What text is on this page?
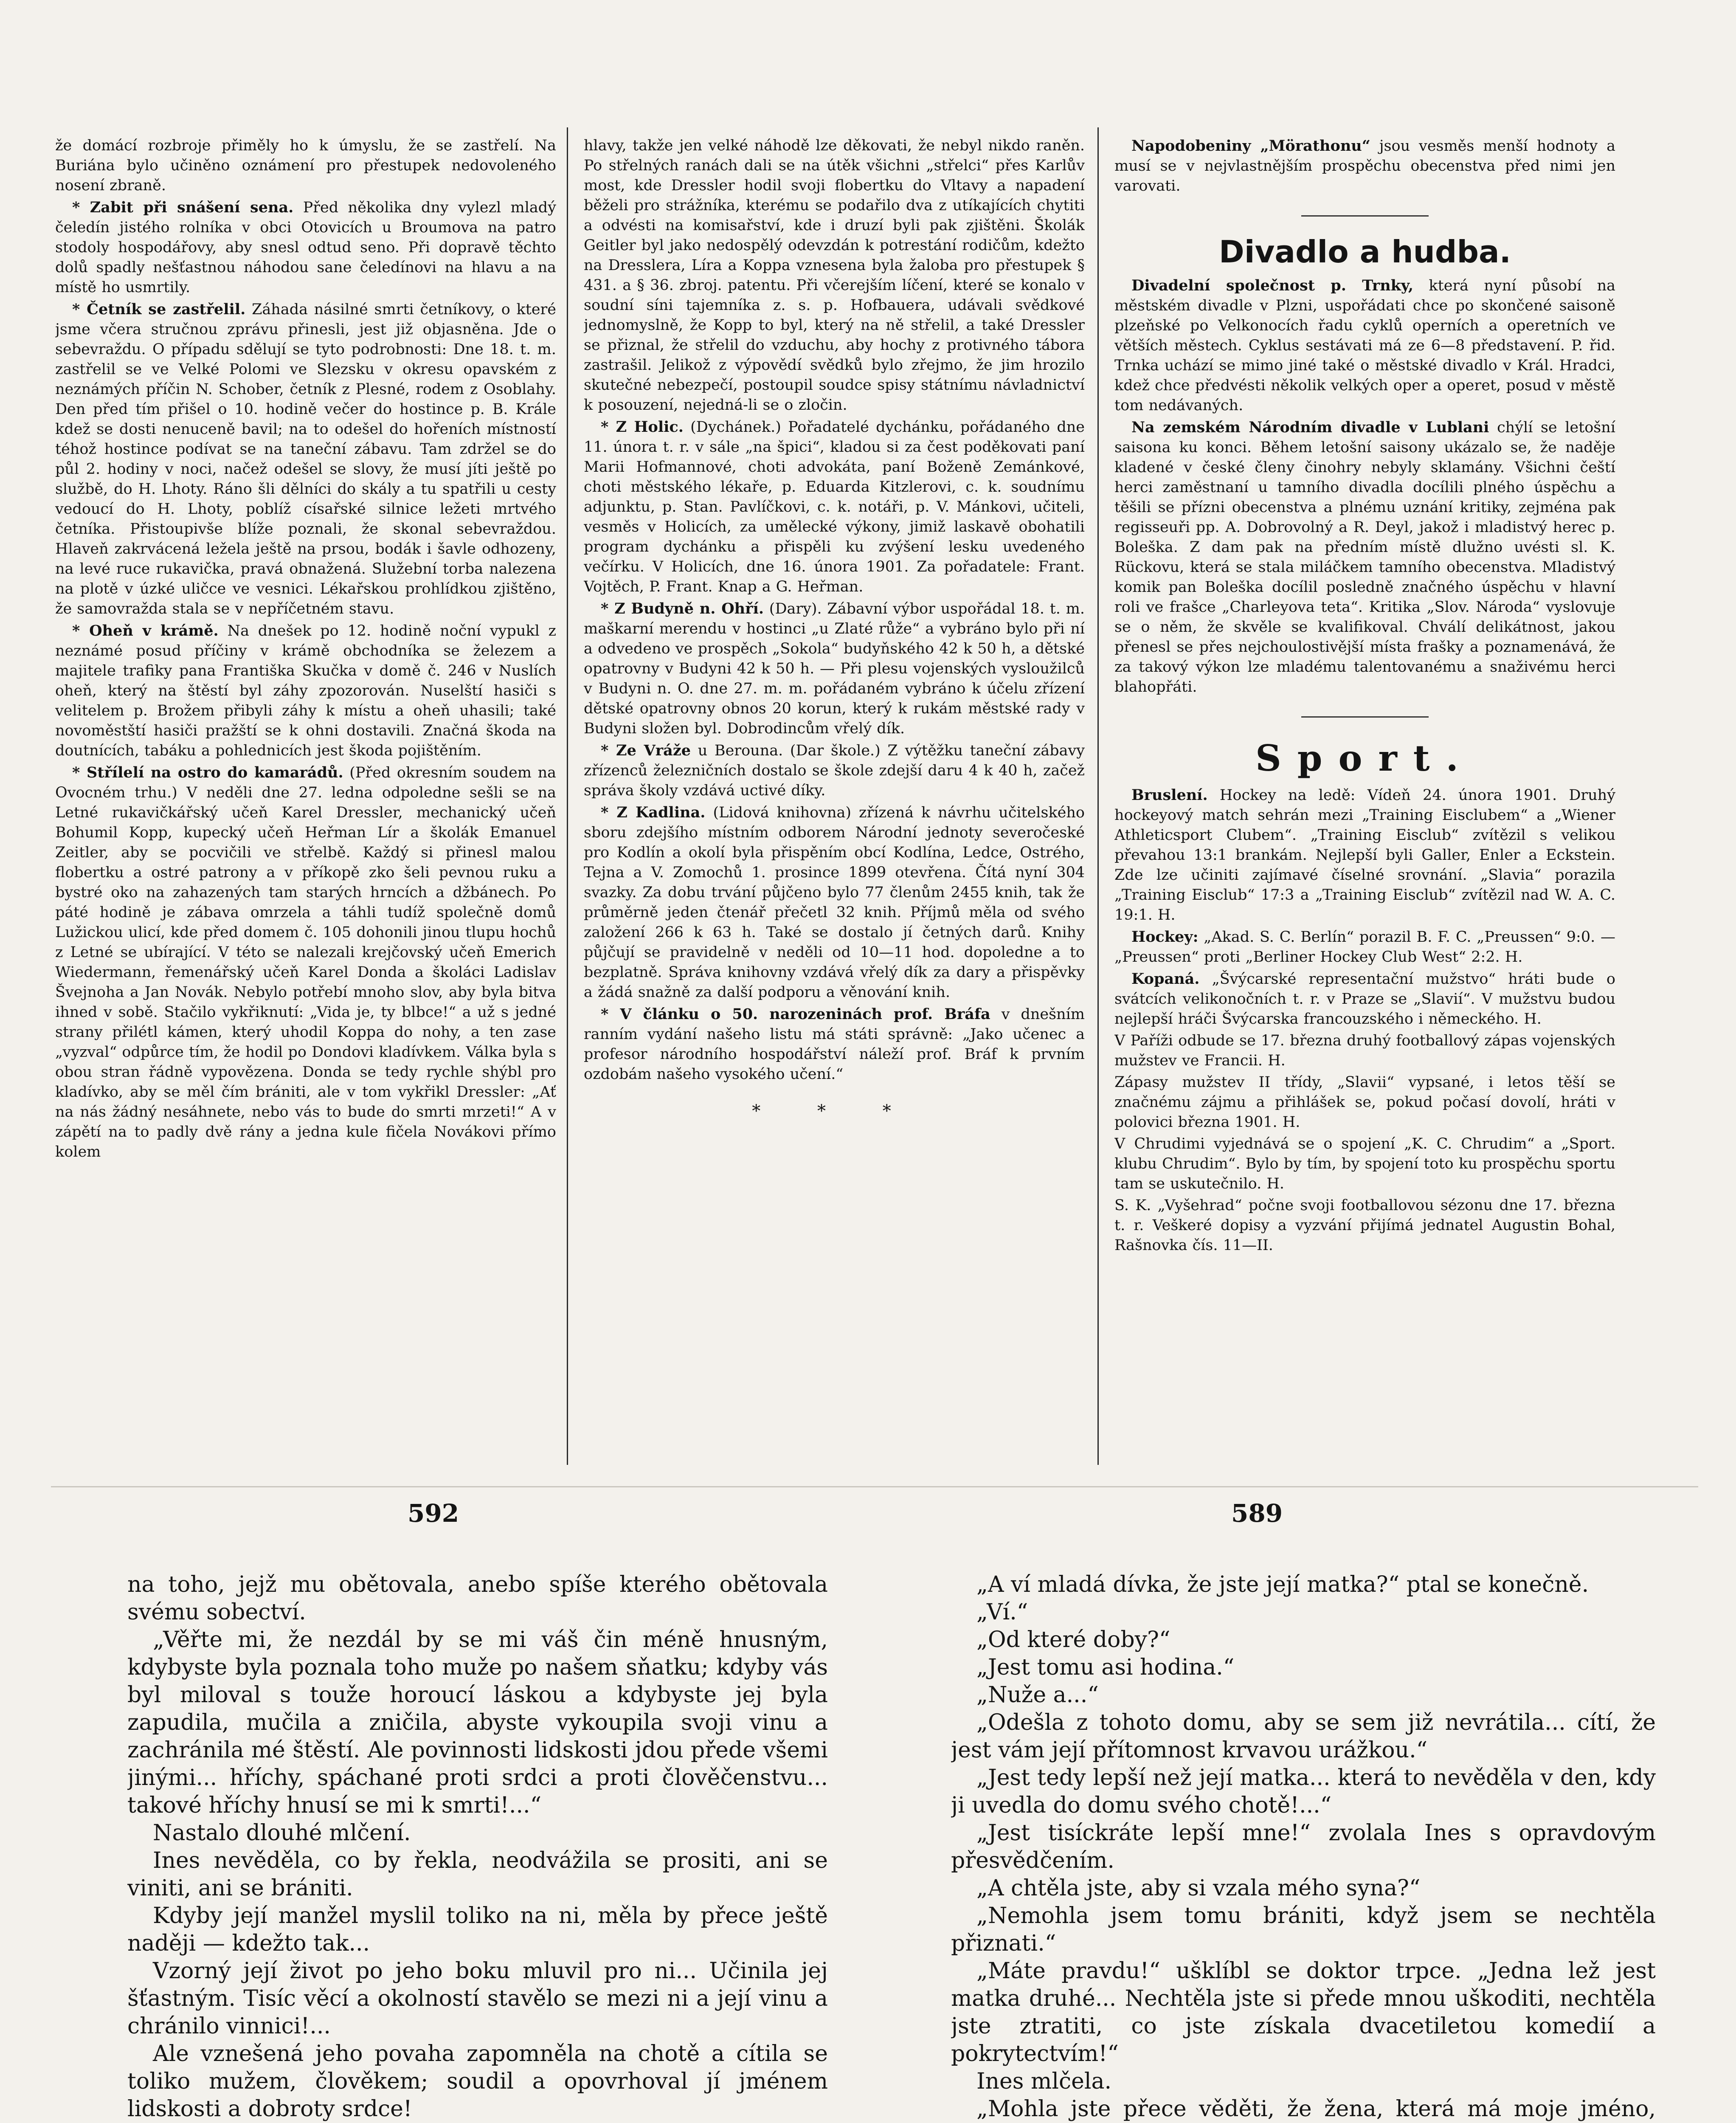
že domácí rozbroje přiměly ho k úmyslu, že se zastřelí. Na Buriána bylo učiněno oznámení pro přestupek nedovoleného nosení zbraně.

* Zabit při snášení sena. Před několika dny vylezl mladý čeledín jistého rolníka v obci Otovicích u Broumova na patro stodoly hospodářovy, aby snesl odtud seno. Při dopravě těchto dolů spadly nešťastnou náhodou sane čeledínovi na hlavu a na místě ho usmrtily.

* Četník se zastřelil. Záhada násilné smrti četníkovy, o které jsme včera stručnou zprávu přinesli, jest již objasněna. Jde o sebevraždu. O případu sdělují se tyto podrobnosti: Dne 18. t. m. zastřelil se ve Velké Polomi ve Slezsku v okresu opavském z neznámých příčin N. Schober, četník z Plesné, rodem z Osoblahy. Den před tím přišel o 10. hodině večer do hostince p. B. Krále kdež se dosti nenuceně bavil; na to odešel do hořeních místností téhož hostince podívat se na taneční zábavu. Tam zdržel se do půl 2. hodiny v noci, načež odešel se slovy, že musí jíti ještě po službě, do H. Lhoty. Ráno šli dělníci do skály a tu spatřili u cesty vedoucí do H. Lhoty, poblíž císařské silnice ležeti mrtvého četníka. Přistoupivše blíže poznali, že skonal sebevraždou. Hlaveň zakrvácená ležela ještě na prsou, bodák i šavle odhozeny, na levé ruce rukavička, pravá obnažená. Služební torba nalezena na plotě v úzké uličce ve vesnici. Lékařskou prohlídkou zjištěno, že samovražda stala se v nepříčetném stavu.

* Oheň v krámě. Na dnešek po 12. hodině noční vypukl z neznámé posud příčiny v krámě obchodníka se železem a majitele trafiky pana Františka Skučka v domě č. 246 v Nuslích oheň, který na štěstí byl záhy zpozorován. Nuselští hasiči s velitelem p. Brožem přibyli záhy k místu a oheň uhasili; také novoměstští hasiči pražští se k ohni dostavili. Značná škoda na doutnících, tabáku a pohlednicích jest škoda pojištěním.

* Střílelí na ostro do kamarádů. (Před okresním soudem na Ovocném trhu.) V neděli dne 27. ledna odpoledne sešli se na Letné rukavičkářský učeň Karel Dressler, mechanický učeň Bohumil Kopp, kupecký učeň Heřman Lír a školák Emanuel Zeitler, aby se pocvičili ve střelbě. Každý si přinesl malou flobertku a ostré patrony a v příkopě zko šeli pevnou ruku a bystré oko na zahazených tam starých hrncích a džbánech. Po páté hodině je zábava omrzela a táhli tudíž společně domů Lužickou ulicí, kde před domem č. 105 dohonili jinou tlupu hochů z Letné se ubírající. V této se nalezali krejčovský učeň Emerich Wiedermann, řemenářský učeň Karel Donda a školáci Ladislav Švejnoha a Jan Novák. Nebylo potřebí mnoho slov, aby byla bitva ihned v sobě. Stačilo vykřiknutí: „Vida je, ty blbce!“ a už s jedné strany přilétl kámen, který uhodil Koppa do nohy, a ten zase „vyzval“ odpůrce tím, že hodil po Dondovi kladívkem. Válka byla s obou stran řádně vypovězena. Donda se tedy rychle shýbl pro kladívko, aby se měl čím brániti, ale v tom vykřikl Dressler: „Ať na nás žádný nesáhnete, nebo vás to bude do smrti mrzeti!“ A v zápětí na to padly dvě rány a jedna kule fičela Novákovi přímo kolem

hlavy, takže jen velké náhodě lze děkovati, že nebyl nikdo raněn. Po střelných ranách dali se na útěk všichni „střelci“ přes Karlův most, kde Dressler hodil svoji flobertku do Vltavy a napadení běželi pro strážníka, kterému se podařilo dva z utíkajících chytiti a odvésti na komisařství, kde i druzí byli pak zjištěni. Školák Geitler byl jako nedospělý odevzdán k potrestání rodičům, kdežto na Dresslera, Líra a Koppa vznesena byla žaloba pro přestupek § 431. a § 36. zbroj. patentu. Při včerejším líčení, které se konalo v soudní síni tajemníka z. s. p. Hofbauera, udávali svědkové jednomyslně, že Kopp to byl, který na ně střelil, a také Dressler se přiznal, že střelil do vzduchu, aby hochy z protivného tábora zastrašil. Jelikož z výpovědí svědků bylo zřejmo, že jim hrozilo skutečné nebezpečí, postoupil soudce spisy státnímu návladnictví k posouzení, nejedná-li se o zločin.

* Z Holic. (Dychánek.) Pořadatelé dychánku, pořádaného dne 11. února t. r. v sále „na špici“, kladou si za čest poděkovati paní Marii Hofmannové, choti advokáta, paní Boženě Zemánkové, choti městského lékaře, p. Eduarda Kitzlerovi, c. k. soudnímu adjunktu, p. Stan. Pavlíčkovi, c. k. notáři, p. V. Mánkovi, učiteli, vesměs v Holicích, za umělecké výkony, jimiž laskavě obohatili program dychánku a přispěli ku zvýšení lesku uvedeného večírku. V Holicích, dne 16. února 1901. Za pořadatele: Frant. Vojtěch, P. Frant. Knap a G. Heřman.

* Z Budyně n. Ohří. (Dary). Zábavní výbor uspořádal 18. t. m. maškarní merendu v hostinci „u Zlaté růže“ a vybráno bylo při ní a odvedeno ve prospěch „Sokola“ budyňského 42 k 50 h, a dětské opatrovny v Budyni 42 k 50 h. — Při plesu vojenských vysloužilců v Budyni n. O. dne 27. m. m. pořádaném vybráno k účelu zřízení dětské opatrovny obnos 20 korun, který k rukám městské rady v Budyni složen byl. Dobrodincům vřelý dík.

* Ze Vráže u Berouna. (Dar škole.) Z výtěžku taneční zábavy zřízenců železničních dostalo se škole zdejší daru 4 k 40 h, začež správa školy vzdává uctivé díky.

* Z Kadlina. (Lidová knihovna) zřízená k návrhu učitelského sboru zdejšího místním odborem Národní jednoty severočeské pro Kodlín a okolí byla přispěním obcí Kodlína, Ledce, Ostrého, Tejna a V. Zomochů 1. prosince 1899 otevřena. Čítá nyní 304 svazky. Za dobu trvání půjčeno bylo 77 členům 2455 knih, tak že průměrně jeden čtenář přečetl 32 knih. Příjmů měla od svého založení 266 k 63 h. Také se dostalo jí četných darů. Knihy půjčují se pravidelně v neděli od 10—11 hod. dopoledne a to bezplatně. Správa knihovny vzdává vřelý dík za dary a přispěvky a žádá snažně za další podporu a věnování knih.

* V článku o 50. narozeninách prof. Bráfa v dnešním ranním vydání našeho listu má státi správně: „Jako učenec a profesor národního hospodářství náleží prof. Bráf k prvním ozdobám našeho vysokého učení.“

* * *

Napodobeniny „Mörathonu“ jsou vesměs menší hodnoty a musí se v nejvlastnějším prospěchu obecenstva před nimi jen varovati.

Divadlo a hudba.

Divadelní společnost p. Trnky, která nyní působí na městském divadle v Plzni, uspořádati chce po skončené saisoně plzeňské po Velkonocích řadu cyklů operních a operetních ve větších městech. Cyklus sestávati má ze 6—8 představení. P. řid. Trnka uchází se mimo jiné také o městské divadlo v Král. Hradci, kdež chce předvésti několik velkých oper a operet, posud v městě tom nedávaných.

Na zemském Národním divadle v Lublani chýlí se letošní saisona ku konci. Během letošní saisony ukázalo se, že naděje kladené v české členy činohry nebyly sklamány. Všichni čeští herci zaměstnaní u tamního divadla docílili plného úspěchu a těšili se přízni obecenstva a plnému uznání kritiky, zejména pak regisseuři pp. A. Dobrovolný a R. Deyl, jakož i mladistvý herec p. Boleška. Z dam pak na předním místě dlužno uvésti sl. K. Rückovu, která se stala miláčkem tamního obecenstva. Mladistvý komik pan Boleška docílil posledně značného úspěchu v hlavní roli ve frašce „Charleyova teta“. Kritika „Slov. Národa“ vyslovuje se o něm, že skvěle se kvalifikoval. Chválí delikátnost, jakou přenesl se přes nejchoulostivější místa frašky a poznamenává, že za takový výkon lze mladému talentovanému a snaživému herci blahopřáti.

Sport.

Bruslení. Hockey na ledě: Vídeň 24. února 1901. Druhý hockeyový match sehrán mezi „Training Eisclubem“ a „Wiener Athleticsport Clubem“. „Training Eisclub“ zvítězil s velikou převahou 13:1 brankám. Nejlepší byli Galler, Enler a Eckstein. Zde lze učiniti zajímavé číselné srovnání. „Slavia“ porazila „Training Eisclub“ 17:3 a „Training Eisclub“ zvítězil nad W. A. C. 19:1. H.

Hockey: „Akad. S. C. Berlín“ porazil B. F. C. „Preussen“ 9:0. — „Preussen“ proti „Berliner Hockey Club West“ 2:2. H.

Kopaná. „Švýcarské representační mužstvo“ hráti bude o svátcích velikonočních t. r. v Praze se „Slavií“. V mužstvu budou nejlepší hráči Švýcarska francouzského i německého. H.

V Paříži odbude se 17. března druhý footballový zápas vojenských mužstev ve Francii. H.

Zápasy mužstev II třídy, „Slavii“ vypsané, i letos těší se značnému zájmu a přihlášek se, pokud počasí dovolí, hráti v polovici března 1901. H.

V Chrudimi vyjednává se o spojení „K. C. Chrudim“ a „Sport. klubu Chrudim“. Bylo by tím, by spojení toto ku prospěchu sportu tam se uskutečnilo. H.

S. K. „Vyšehrad“ počne svoji footballovou sézonu dne 17. března t. r. Veškeré dopisy a vyzvání přijímá jednatel Augustin Bohal, Rašnovka čís. 11—II.

592	589

na toho, jejž mu obětovala, anebo spíše kterého obětovala svému sobectví.

„Věřte mi, že nezdál by se mi váš čin méně hnusným, kdybyste byla poznala toho muže po našem sňatku; kdyby vás byl miloval s touže horoucí láskou a kdybyste jej byla zapudila, mučila a zničila, abyste vykoupila svoji vinu a zachránila mé štěstí. Ale povinnosti lidskosti jdou přede všemi jinými... hříchy, spáchané proti srdci a proti člověčenstvu... takové hříchy hnusí se mi k smrti!...“

Nastalo dlouhé mlčení.

Ines nevěděla, co by řekla, neodvážila se prositi, ani se viniti, ani se brániti.

Kdyby její manžel myslil toliko na ni, měla by přece ještě naději — kdežto tak...

Vzorný její život po jeho boku mluvil pro ni... Učinila jej šťastným. Tisíc věcí a okolností stavělo se mezi ni a její vinu a chránilo vinnici!...

Ale vznešená jeho povaha zapomněla na chotě a cítila se toliko mužem, člověkem; soudil a opovrhoval jí jménem lidskosti a dobroty srdce!

„A ví mladá dívka, že jste její matka?“ ptal se konečně.

„Ví.“

„Od které doby?“

„Jest tomu asi hodina.“

„Nuže a...“

„Odešla z tohoto domu, aby se sem již nevrátila... cítí, že jest vám její přítomnost krvavou urážkou.“

„Jest tedy lepší než její matka... která to nevěděla v den, kdy ji uvedla do domu svého chotě!...“

„Jest tisíckráte lepší mne!“ zvolala Ines s opravdovým přesvědčením.

„A chtěla jste, aby si vzala mého syna?“

„Nemohla jsem tomu brániti, když jsem se nechtěla přiznati.“

„Máte pravdu!“ ušklíbl se doktor trpce. „Jedna lež jest matka druhé... Nechtěla jste si přede mnou uškoditi, nechtěla jste ztratiti, co jste získala dvacetiletou komedií a pokrytectvím!“

Ines mlčela.

„Mohla jste přece věděti, že žena, která má moje jméno,
